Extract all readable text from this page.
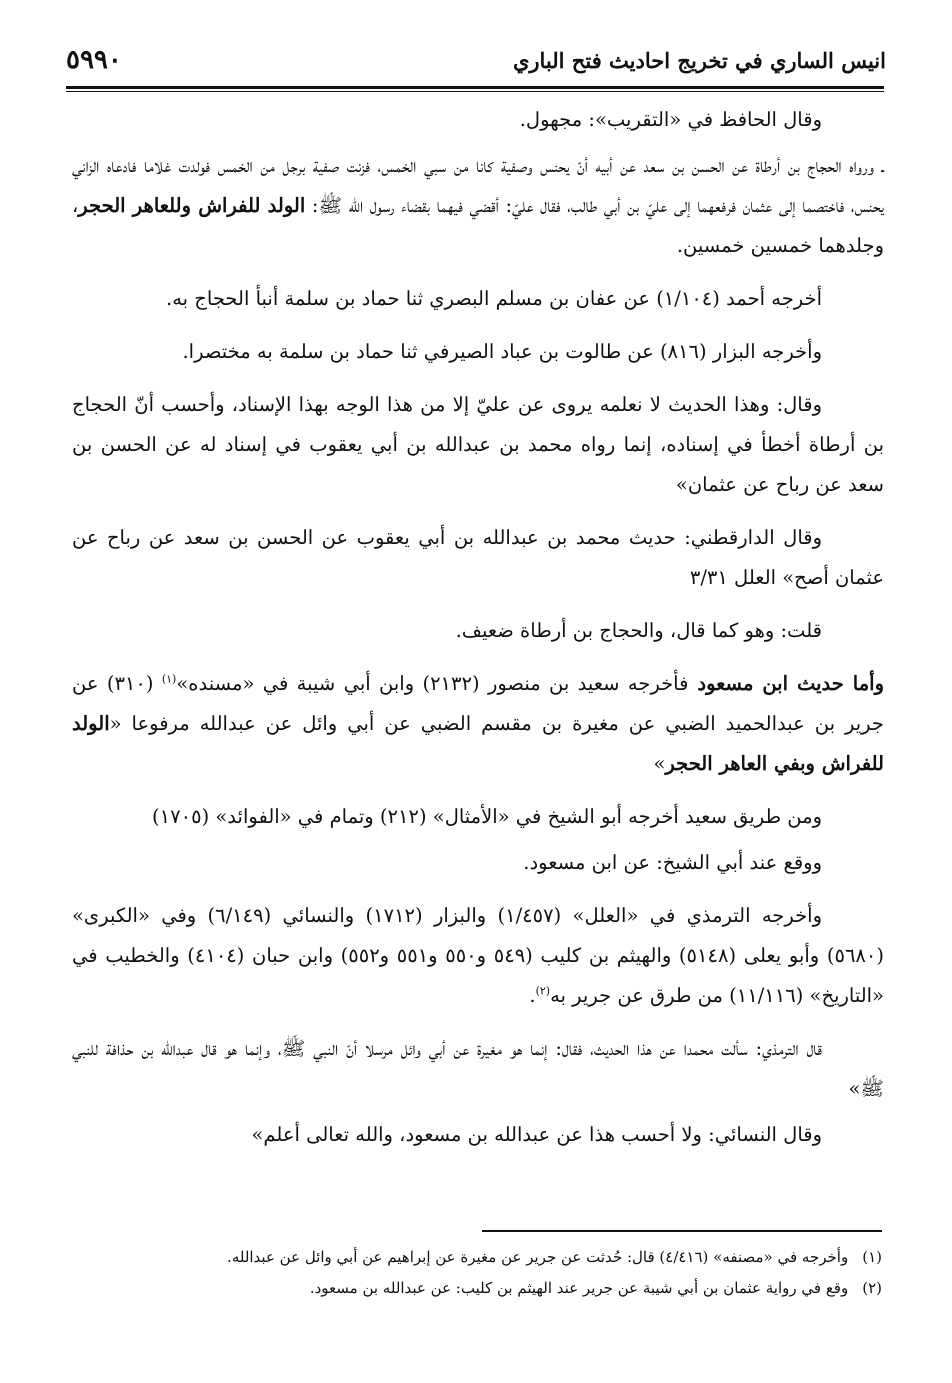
انيس الساري في تخريج احاديث فتح الباري
٥٩٩٠

وقال الحافظ في «التقريب»: مجهول.

ـ ورواه الحجاج بن أرطاة عن الحسن بن سعد عن أبيه أنّ يحنس وصفية كانا من سبي الخمس، فزنت صفية برجل من الخمس فولدت غلاما فادعاه الزاني يحنس، فاختصما إلى عثمان فرفعهما إلى عليّ بن أبي طالب، فقال عليّ: أقضي فيهما بقضاء رسول الله ﷺ: الولد للفراش وللعاهر الحجر، وجلدهما خمسين خمسين.

أخرجه أحمد (١/١٠٤) عن عفان بن مسلم البصري ثنا حماد بن سلمة أنبأ الحجاج به.

وأخرجه البزار (٨١٦) عن طالوت بن عباد الصيرفي ثنا حماد بن سلمة به مختصرا.

وقال: وهذا الحديث لا نعلمه يروى عن عليّ إلا من هذا الوجه بهذا الإسناد، وأحسب أنّ الحجاج بن أرطاة أخطأ في إسناده، إنما رواه محمد بن عبدالله بن أبي يعقوب في إسناد له عن الحسن بن سعد عن رباح عن عثمان»

وقال الدارقطني: حديث محمد بن عبدالله بن أبي يعقوب عن الحسن بن سعد عن رباح عن عثمان أصح» العلل ٣/٣١

قلت: وهو كما قال، والحجاج بن أرطاة ضعيف.

وأما حديث ابن مسعود فأخرجه سعيد بن منصور (٢١٣٢) وابن أبي شيبة في «مسنده»$^{(١)}$ (٣١٠) عن جرير بن عبدالحميد الضبي عن مغيرة بن مقسم الضبي عن أبي وائل عن عبدالله مرفوعا «الولد للفراش وبفي العاهر الحجر»

ومن طريق سعيد أخرجه أبو الشيخ في «الأمثال» (٢١٢) وتمام في «الفوائد» (١٧٠٥)

ووقع عند أبي الشيخ: عن ابن مسعود.

وأخرجه الترمذي في «العلل» (١/٤٥٧) والبزار (١٧١٢) والنسائي (٦/١٤٩) وفي «الكبرى» (٥٦٨٠) وأبو يعلى (٥١٤٨) والهيثم بن كليب (٥٤٩ و٥٥٠ و٥٥١ و٥٥٢) وابن حبان (٤١٠٤) والخطيب في «التاريخ» (١١/١١٦) من طرق عن جرير به$^{(٢)}$.

قال الترمذي: سألت محمدا عن هذا الحديث، فقال: إنما هو مغيرة عن أبي وائل مرسلا أنّ النبي ﷺ، وإنما هو قال عبدالله بن حذافة للنبي ﷺ»

وقال النسائي: ولا أحسب هذا عن عبدالله بن مسعود، والله تعالى أعلم»

(١)
وأخرجه في «مصنفه» (٤/٤١٦) قال: حُدثت عن جرير عن مغيرة عن إبراهيم عن أبي وائل عن عبدالله.
(٢)
وقع في رواية عثمان بن أبي شيبة عن جرير عند الهيثم بن كليب: عن عبدالله بن مسعود.
